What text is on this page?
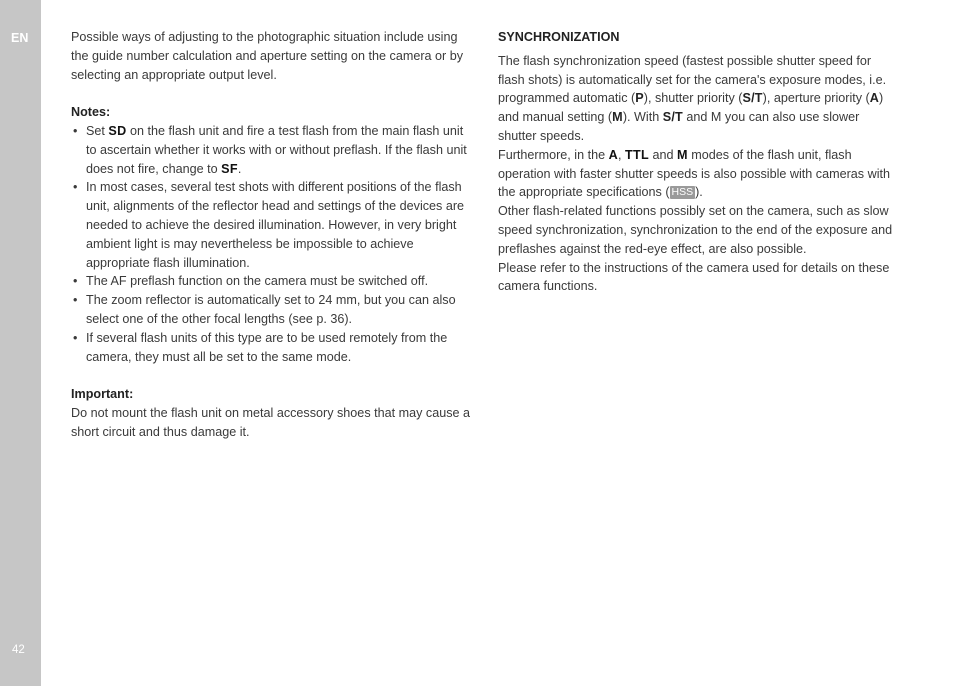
EN
42

Possible ways of adjusting to the photographic situation include using the guide number calculation and aperture setting on the camera or by selecting an appropriate output level.

Notes:

• Set SD on the flash unit and fire a test flash from the main flash unit to ascertain whether it works with or without preflash. If the flash unit does not fire, change to SF.
• In most cases, several test shots with different positions of the flash unit, alignments of the reflector head and settings of the devices are needed to achieve the desired illumination. However, in very bright ambient light is may nevertheless be impossible to achieve appropriate flash illumination.
• The AF preflash function on the camera must be switched off.
• The zoom reflector is automatically set to 24 mm, but you can also select one of the other focal lengths (see p. 36).
• If several flash units of this type are to be used remotely from the camera, they must all be set to the same mode.

Important:

Do not mount the flash unit on metal accessory shoes that may cause a short circuit and thus damage it.

SYNCHRONIZATION

The flash synchronization speed (fastest possible shutter speed for flash shots) is automatically set for the camera's exposure modes, i.e. programmed automatic (P), shutter priority (S/T), aperture priority (A) and manual setting (M). With S/T and M you can also use slower shutter speeds.

Furthermore, in the A, TTL and M modes of the flash unit, flash operation with faster shutter speeds is also possible with cameras with the appropriate specifications ( HSS ).

Other flash-related functions possibly set on the camera, such as slow speed synchronization, synchronization to the end of the exposure and preflashes against the red-eye effect, are also possible.

Please refer to the instructions of the camera used for details on these camera functions.
